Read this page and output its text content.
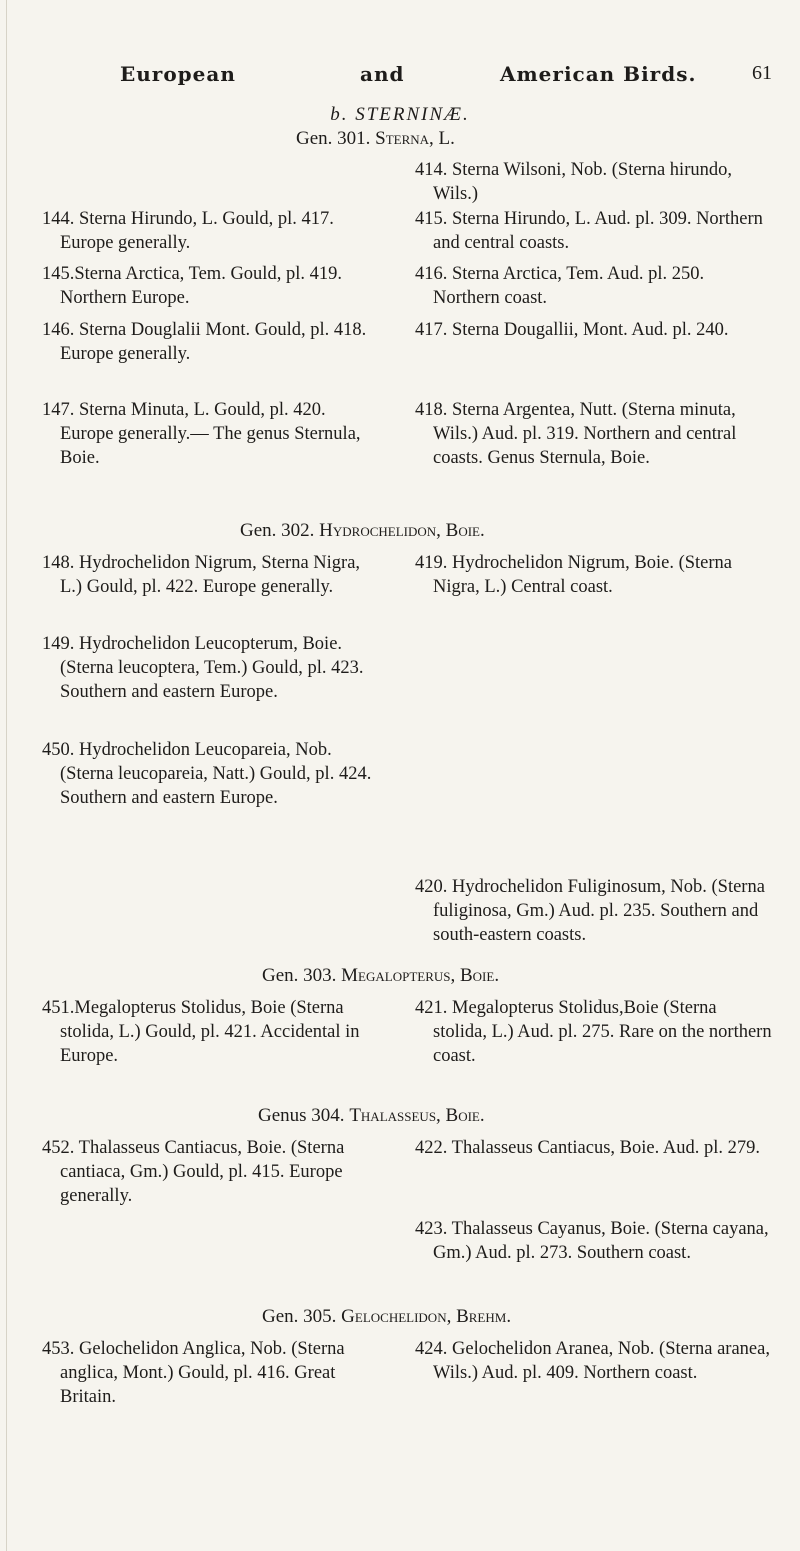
European	and	American Birds.	61
b. STERNINÆ.
Gen. 301. Sterna, L.

144. Sterna Hirundo, L. Gould, pl. 417. Europe generally.

145.Sterna Arctica, Tem. Gould, pl. 419. Northern Europe.

146. Sterna Douglalii Mont. Gould, pl. 418. Europe generally.

147. Sterna Minuta, L. Gould, pl. 420. Europe generally.— The genus Sternula, Boie.

414. Sterna Wilsoni, Nob. (Sterna hirundo, Wils.)

415. Sterna Hirundo, L. Aud. pl. 309. Northern and central coasts.

416. Sterna Arctica, Tem. Aud. pl. 250. Northern coast.

417. Sterna Dougallii, Mont. Aud. pl. 240.

418. Sterna Argentea, Nutt. (Sterna minuta, Wils.) Aud. pl. 319. Northern and central coasts. Genus Sternula, Boie.

Gen. 302. Hydrochelidon, Boie.

148. Hydrochelidon Nigrum, Sterna Nigra, L.) Gould, pl. 422. Europe generally.

149. Hydrochelidon Leucopterum, Boie. (Sterna leucoptera, Tem.) Gould, pl. 423. Southern and eastern Europe.

450. Hydrochelidon Leucopareia, Nob. (Sterna leucopareia, Natt.) Gould, pl. 424. Southern and eastern Europe.

419. Hydrochelidon Nigrum, Boie. (Sterna Nigra, L.) Central coast.

420. Hydrochelidon Fuliginosum, Nob. (Sterna fuliginosa, Gm.) Aud. pl. 235. Southern and south-eastern coasts.

Gen. 303. Megalopterus, Boie.

451.Megalopterus Stolidus, Boie (Sterna stolida, L.) Gould, pl. 421. Accidental in Europe.

421. Megalopterus Stolidus,Boie (Sterna stolida, L.) Aud. pl. 275. Rare on the northern coast.

Genus 304. Thalasseus, Boie.

452. Thalasseus Cantiacus, Boie. (Sterna cantiaca, Gm.) Gould, pl. 415. Europe generally.

422. Thalasseus Cantiacus, Boie. Aud. pl. 279.

423. Thalasseus Cayanus, Boie. (Sterna cayana, Gm.) Aud. pl. 273. Southern coast.

Gen. 305. Gelochelidon, Brehm.

453. Gelochelidon Anglica, Nob. (Sterna anglica, Mont.) Gould, pl. 416. Great Britain.

424. Gelochelidon Aranea, Nob. (Sterna aranea, Wils.) Aud. pl. 409. Northern coast.
